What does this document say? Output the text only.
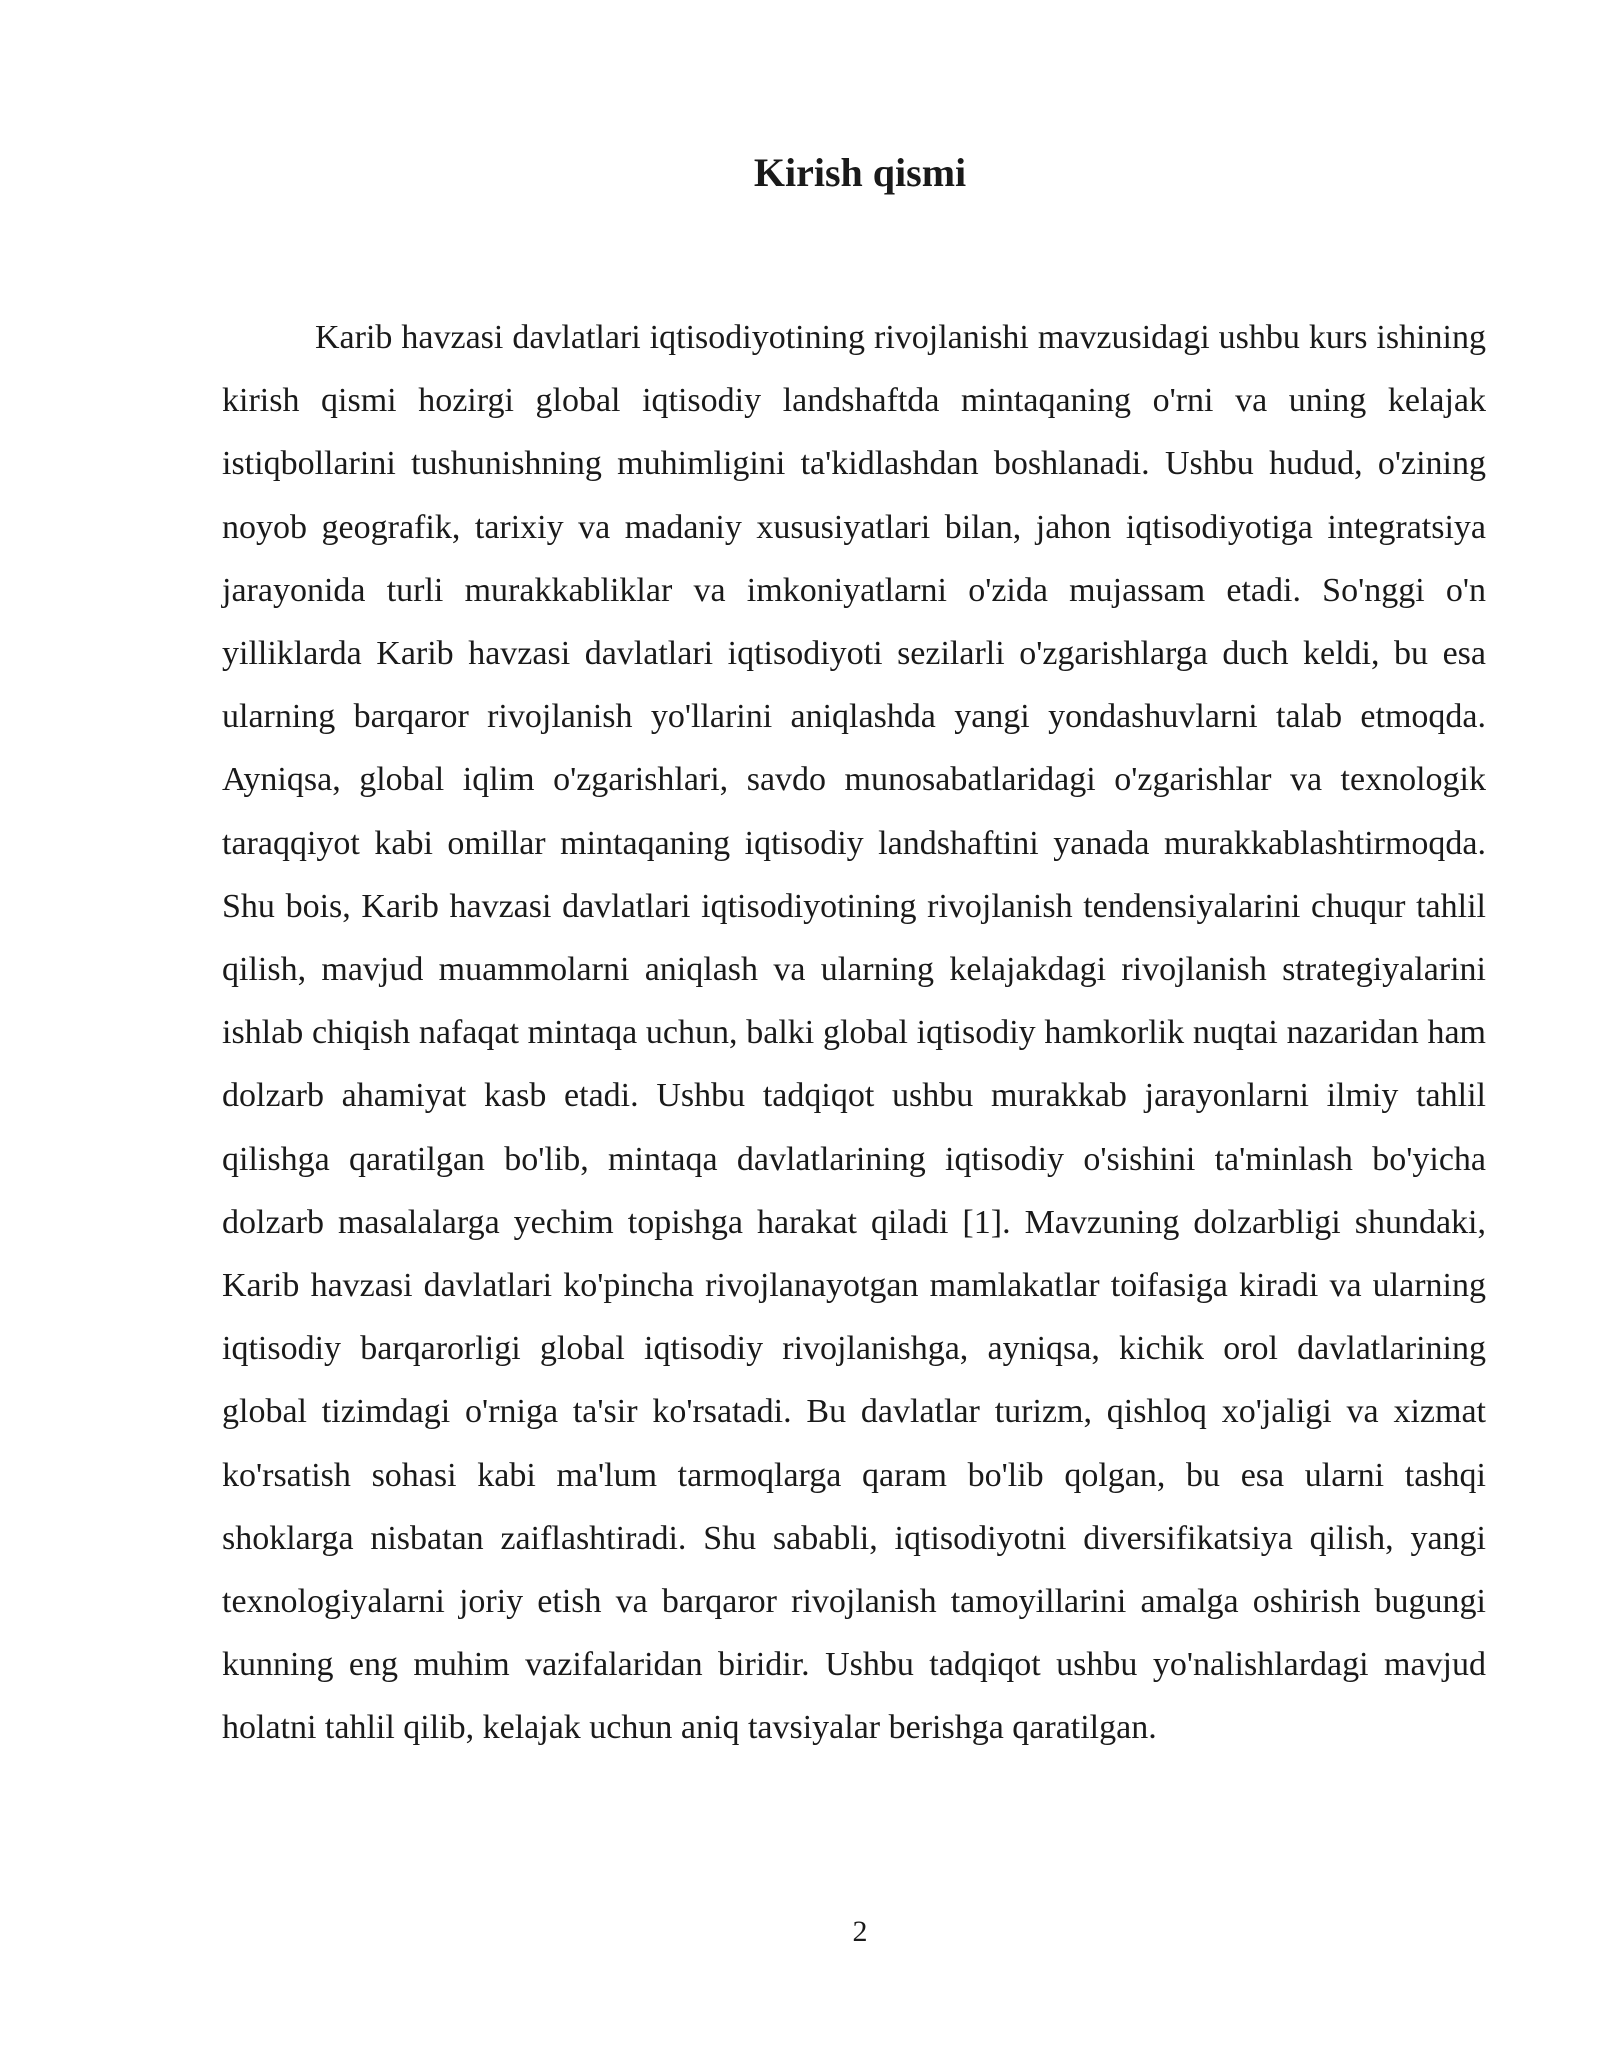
Kirish qismi

Karib havzasi davlatlari iqtisodiyotining rivojlanishi mavzusidagi ushbu kurs ishining kirish qismi hozirgi global iqtisodiy landshaftda mintaqaning o'rni va uning kelajak istiqbollarini tushunishning muhimligini ta'kidlashdan boshlanadi. Ushbu hudud, o'zining noyob geografik, tarixiy va madaniy xususiyatlari bilan, jahon iqtisodiyotiga integratsiya jarayonida turli murakkabliklar va imkoniyatlarni o'zida mujassam etadi. So'nggi o'n yilliklarda Karib havzasi davlatlari iqtisodiyoti sezilarli o'zgarishlarga duch keldi, bu esa ularning barqaror rivojlanish yo'llarini aniqlashda yangi yondashuvlarni talab etmoqda. Ayniqsa, global iqlim o'zgarishlari, savdo munosabatlaridagi o'zgarishlar va texnologik taraqqiyot kabi omillar mintaqaning iqtisodiy landshaftini yanada murakkablashtirmoqda. Shu bois, Karib havzasi davlatlari iqtisodiyotining rivojlanish tendensiyalarini chuqur tahlil qilish, mavjud muammolarni aniqlash va ularning kelajakdagi rivojlanish strategiyalarini ishlab chiqish nafaqat mintaqa uchun, balki global iqtisodiy hamkorlik nuqtai nazaridan ham dolzarb ahamiyat kasb etadi. Ushbu tadqiqot ushbu murakkab jarayonlarni ilmiy tahlil qilishga qaratilgan bo'lib, mintaqa davlatlarining iqtisodiy o'sishini ta'minlash bo'yicha dolzarb masalalarga yechim topishga harakat qiladi [1]. Mavzuning dolzarbligi shundaki, Karib havzasi davlatlari ko'pincha rivojlanayotgan mamlakatlar toifasiga kiradi va ularning iqtisodiy barqarorligi global iqtisodiy rivojlanishga, ayniqsa, kichik orol davlatlarining global tizimdagi o'rniga ta'sir ko'rsatadi. Bu davlatlar turizm, qishloq xo'jaligi va xizmat ko'rsatish sohasi kabi ma'lum tarmoqlarga qaram bo'lib qolgan, bu esa ularni tashqi shoklarga nisbatan zaiflashtiradi. Shu sababli, iqtisodiyotni diversifikatsiya qilish, yangi texnologiyalarni joriy etish va barqaror rivojlanish tamoyillarini amalga oshirish bugungi kunning eng muhim vazifalaridan biridir. Ushbu tadqiqot ushbu yo'nalishlardagi mavjud holatni tahlil qilib, kelajak uchun aniq tavsiyalar berishga qaratilgan.

2
